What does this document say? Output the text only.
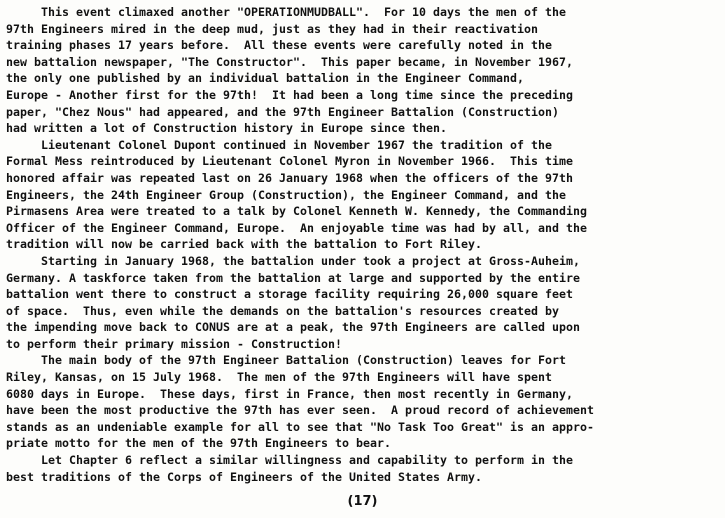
This event climaxed another "OPERATIONMUDBALL".  For 10 days the men of the
97th Engineers mired in the deep mud, just as they had in their reactivation
training phases 17 years before.  All these events were carefully noted in the
new battalion newspaper, "The Constructor".  This paper became, in November 1967,
the only one published by an individual battalion in the Engineer Command,
Europe - Another first for the 97th!  It had been a long time since the preceding
paper, "Chez Nous" had appeared, and the 97th Engineer Battalion (Construction)
had written a lot of Construction history in Europe since then.
Lieutenant Colonel Dupont continued in November 1967 the tradition of the
Formal Mess reintroduced by Lieutenant Colonel Myron in November 1966.  This time
honored affair was repeated last on 26 January 1968 when the officers of the 97th
Engineers, the 24th Engineer Group (Construction), the Engineer Command, and the
Pirmasens Area were treated to a talk by Colonel Kenneth W. Kennedy, the Commanding
Officer of the Engineer Command, Europe.  An enjoyable time was had by all, and the
tradition will now be carried back with the battalion to Fort Riley.
Starting in January 1968, the battalion under took a project at Gross-Auheim,
Germany. A taskforce taken from the battalion at large and supported by the entire
battalion went there to construct a storage facility requiring 26,000 square feet
of space.  Thus, even while the demands on the battalion's resources created by
the impending move back to CONUS are at a peak, the 97th Engineers are called upon
to perform their primary mission - Construction!
The main body of the 97th Engineer Battalion (Construction) leaves for Fort
Riley, Kansas, on 15 July 1968.  The men of the 97th Engineers will have spent
6080 days in Europe.  These days, first in France, then most recently in Germany,
have been the most productive the 97th has ever seen.  A proud record of achievement
stands as an undeniable example for all to see that "No Task Too Great" is an appro-
priate motto for the men of the 97th Engineers to bear.
Let Chapter 6 reflect a similar willingness and capability to perform in the
best traditions of the Corps of Engineers of the United States Army.
(17)
